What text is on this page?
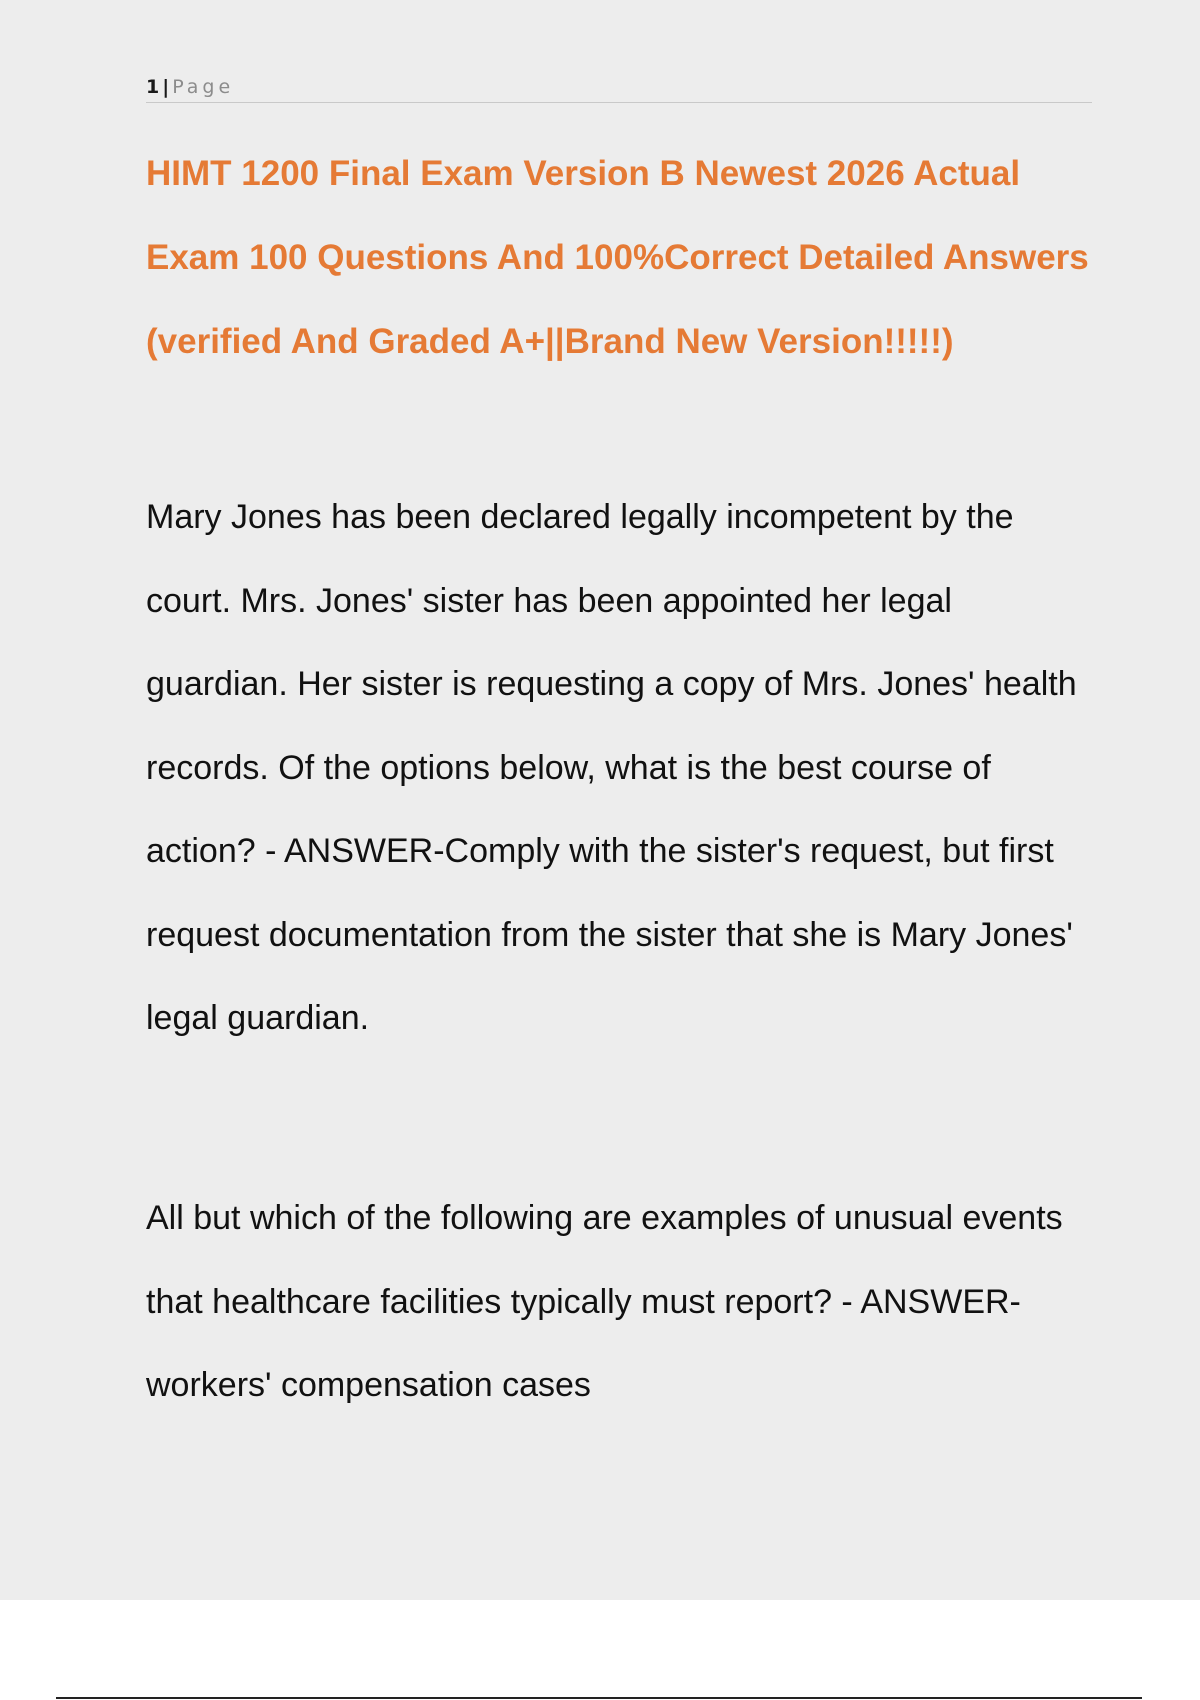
1 | Page
HIMT 1200 Final Exam Version B Newest 2026 Actual Exam 100 Questions And 100%Correct Detailed Answers (verified And Graded A+||Brand New Version!!!!!)

Mary Jones has been declared legally incompetent by the court. Mrs. Jones' sister has been appointed her legal guardian. Her sister is requesting a copy of Mrs. Jones' health records. Of the options below, what is the best course of action? - ANSWER-Comply with the sister's request, but first request documentation from the sister that she is Mary Jones' legal guardian.

All but which of the following are examples of unusual events that healthcare facilities typically must report? - ANSWER-workers' compensation cases
